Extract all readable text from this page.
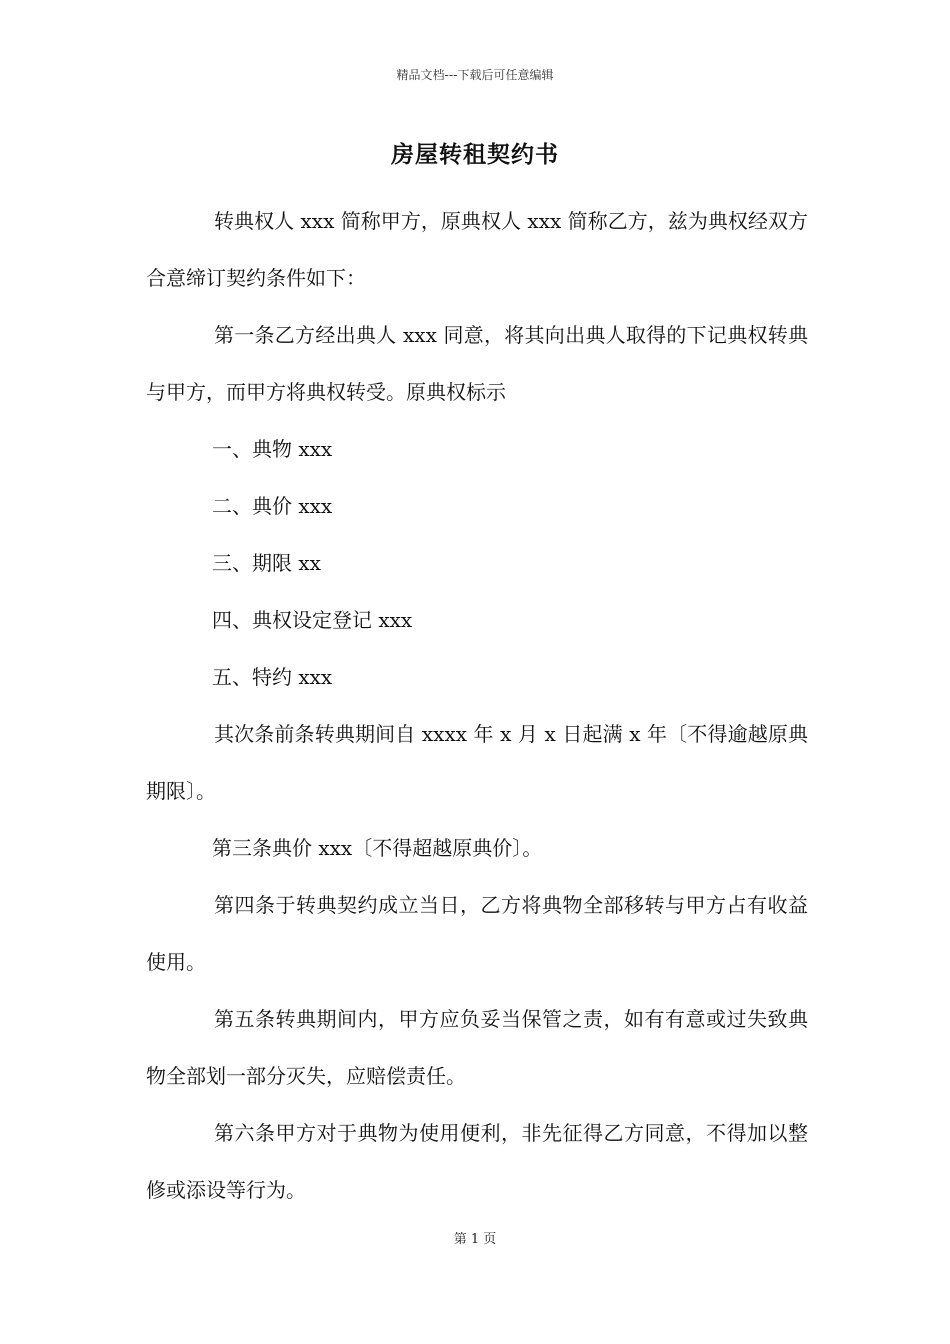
精品文档---下载后可任意编辑
房屋转租契约书

转典权人 xxx 简称甲方，原典权人 xxx 简称乙方，兹为典权经双方合意缔订契约条件如下：

第一条乙方经出典人 xxx 同意，将其向出典人取得的下记典权转典与甲方，而甲方将典权转受。原典权标示

一、典物 xxx

二、典价 xxx

三、期限 xx

四、典权设定登记 xxx

五、特约 xxx

其次条前条转典期间自 xxxx 年 x 月 x 日起满 x 年〔不得逾越原典期限〕。

第三条典价 xxx〔不得超越原典价〕。

第四条于转典契约成立当日，乙方将典物全部移转与甲方占有收益使用。

第五条转典期间内，甲方应负妥当保管之责，如有有意或过失致典物全部划一部分灭失，应赔偿责任。

第六条甲方对于典物为使用便利，非先征得乙方同意，不得加以整修或添设等行为。

第 1 页
